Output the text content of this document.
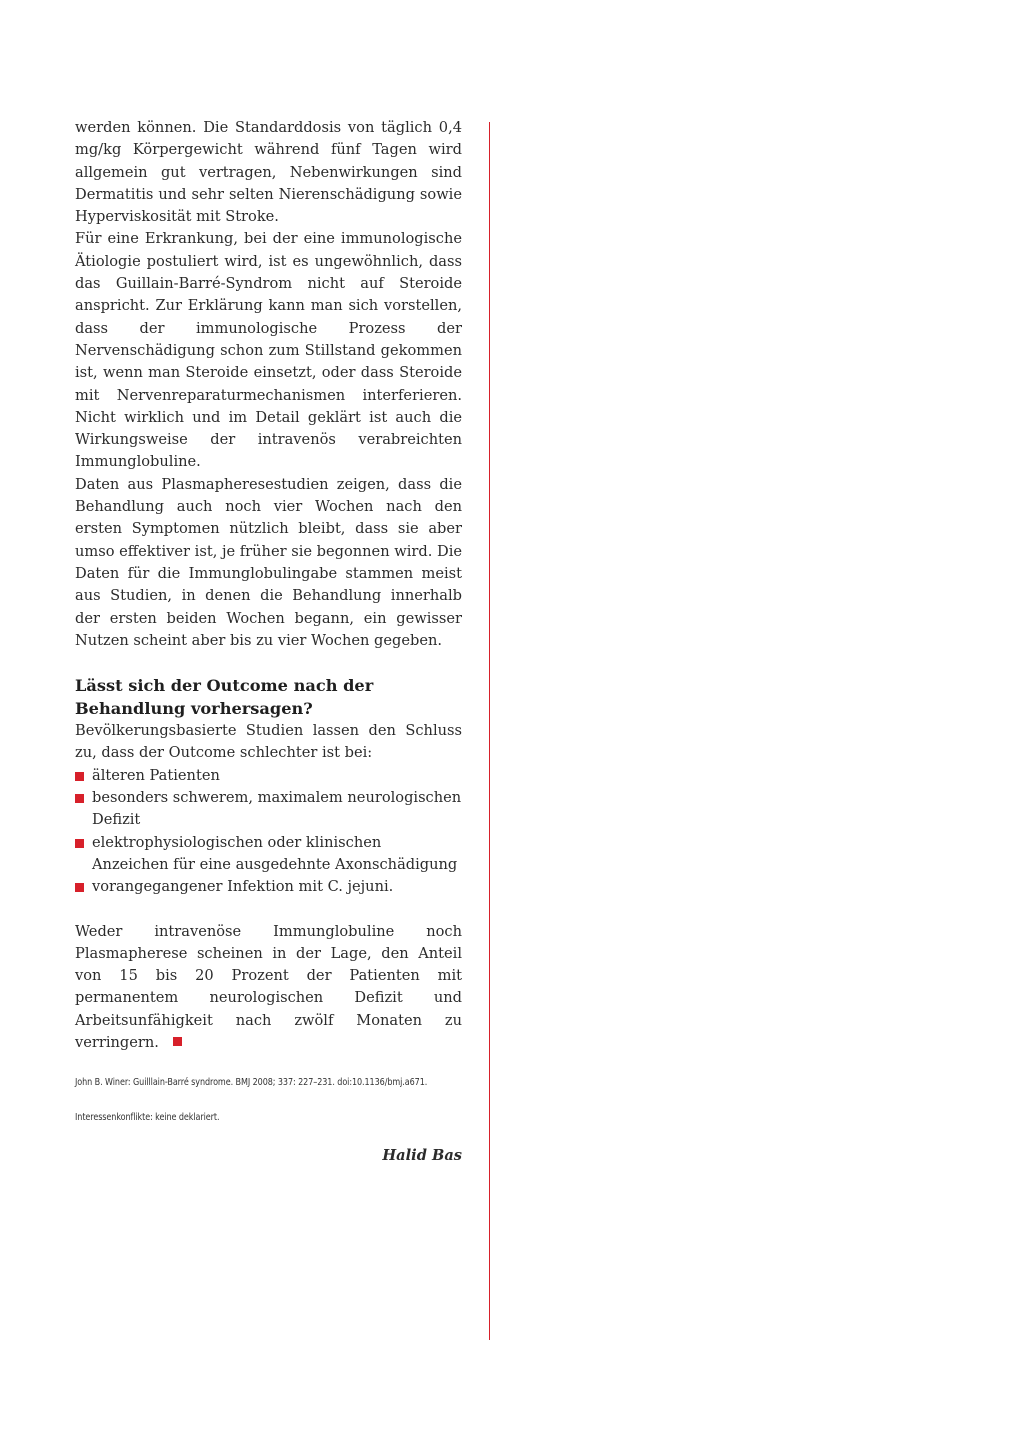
werden können. Die Standarddosis von täglich 0,4 mg/kg Körpergewicht während fünf Tagen wird allgemein gut vertragen, Nebenwirkungen sind Dermatitis und sehr selten Nierenschädigung sowie Hyperviskosität mit Stroke.

Für eine Erkrankung, bei der eine immunologische Ätiologie postuliert wird, ist es ungewöhnlich, dass das Guillain-Barré-Syndrom nicht auf Steroide anspricht. Zur Erklärung kann man sich vorstellen, dass der immunologische Prozess der Nervenschädigung schon zum Stillstand gekommen ist, wenn man Steroide einsetzt, oder dass Steroide mit Nervenreparaturmechanismen interferieren. Nicht wirklich und im Detail geklärt ist auch die Wirkungsweise der intravenös verabreichten Immunglobuline.

Daten aus Plasmapheresestudien zeigen, dass die Behandlung auch noch vier Wochen nach den ersten Symptomen nützlich bleibt, dass sie aber umso effektiver ist, je früher sie begonnen wird. Die Daten für die Immunglobulingabe stammen meist aus Studien, in denen die Behandlung innerhalb der ersten beiden Wochen begann, ein gewisser Nutzen scheint aber bis zu vier Wochen gegeben.

Lässt sich der Outcome nach der Behandlung vorhersagen?

Bevölkerungsbasierte Studien lassen den Schluss zu, dass der Outcome schlechter ist bei:

älteren Patienten
besonders schwerem, maximalem neurologischen Defizit
elektrophysiologischen oder klinischen Anzeichen für eine ausgedehnte Axonschädigung
vorangegangener Infektion mit C. jejuni.

Weder intravenöse Immunglobuline noch Plasmapherese scheinen in der Lage, den Anteil von 15 bis 20 Prozent der Patienten mit permanentem neurologischen Defizit und Arbeitsunfähigkeit nach zwölf Monaten zu verringern.

John B. Winer: Guilllain-Barré syndrome. BMJ 2008; 337: 227–231. doi:10.1136/bmj.a671.

Interessenkonflikte: keine deklariert.

Halid Bas
